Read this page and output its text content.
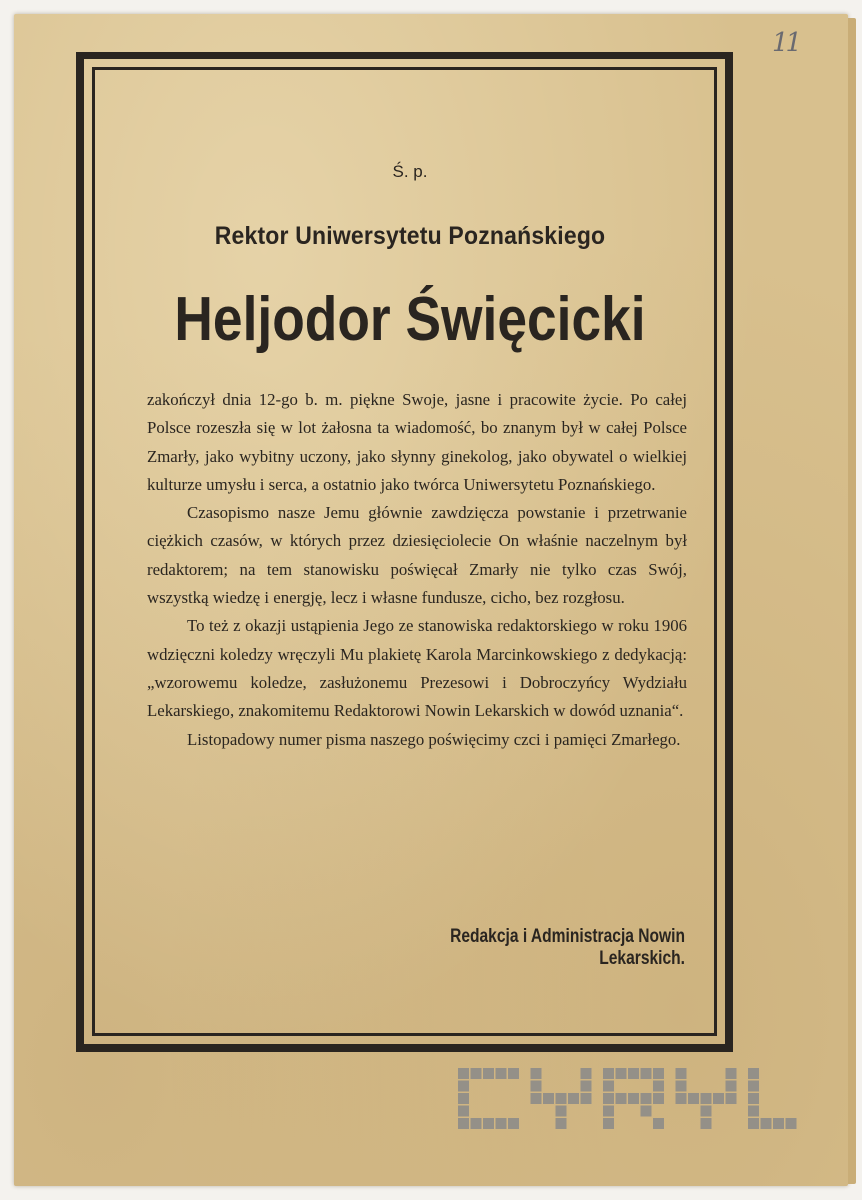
11
Ś. p.
Rektor Uniwersytetu Poznańskiego
Heljodor Święcicki

zakończył dnia 12-go b. m. piękne Swoje, jasne i pracowite życie. Po całej Polsce rozeszła się w lot żałosna ta wiadomość, bo znanym był w całej Polsce Zmarły, jako wybitny uczony, jako słynny ginekolog, jako obywatel o wielkiej kulturze umysłu i serca, a ostatnio jako twórca Uniwersytetu Poznańskiego.

Czasopismo nasze Jemu głównie zawdzięcza powstanie i przetrwanie ciężkich czasów, w których przez dziesięciolecie On właśnie naczelnym był redaktorem; na tem stanowisku poświęcał Zmarły nie tylko czas Swój, wszystką wiedzę i energję, lecz i własne fundusze, cicho, bez rozgłosu.

To też z okazji ustąpienia Jego ze stanowiska redaktorskiego w roku 1906 wdzięczni koledzy wręczyli Mu plakietę Karola Marcinkowskiego z dedykacją: „wzorowemu koledze, zasłużonemu Prezesowi i Dobroczyńcy Wydziału Lekarskiego, znakomitemu Redaktorowi Nowin Lekarskich w dowód uznania“.

Listopadowy numer pisma naszego poświęcimy czci i pamięci Zmarłego.

Redakcja i Administracja Nowin Lekarskich.
